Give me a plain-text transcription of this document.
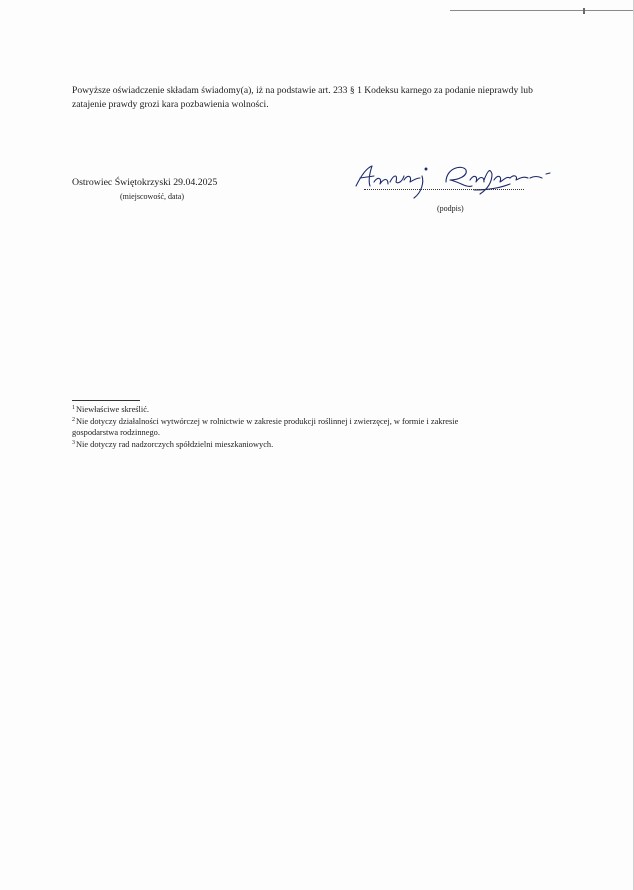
Powyższe oświadczenie składam świadomy(a), iż na podstawie art. 233 § 1 Kodeksu karnego za podanie nieprawdy lub

zatajenie prawdy grozi kara pozbawienia wolności.

Ostrowiec Świętokrzyski 29.04.2025
(miejscowość, data)
(podpis)

$^1$Niewłaściwe skreślić.

$^2$Nie dotyczy działalności wytwórczej w rolnictwie w zakresie produkcji roślinnej i zwierzęcej, w formie i zakresie

gospodarstwa rodzinnego.

$^3$Nie dotyczy rad nadzorczych spółdzielni mieszkaniowych.
